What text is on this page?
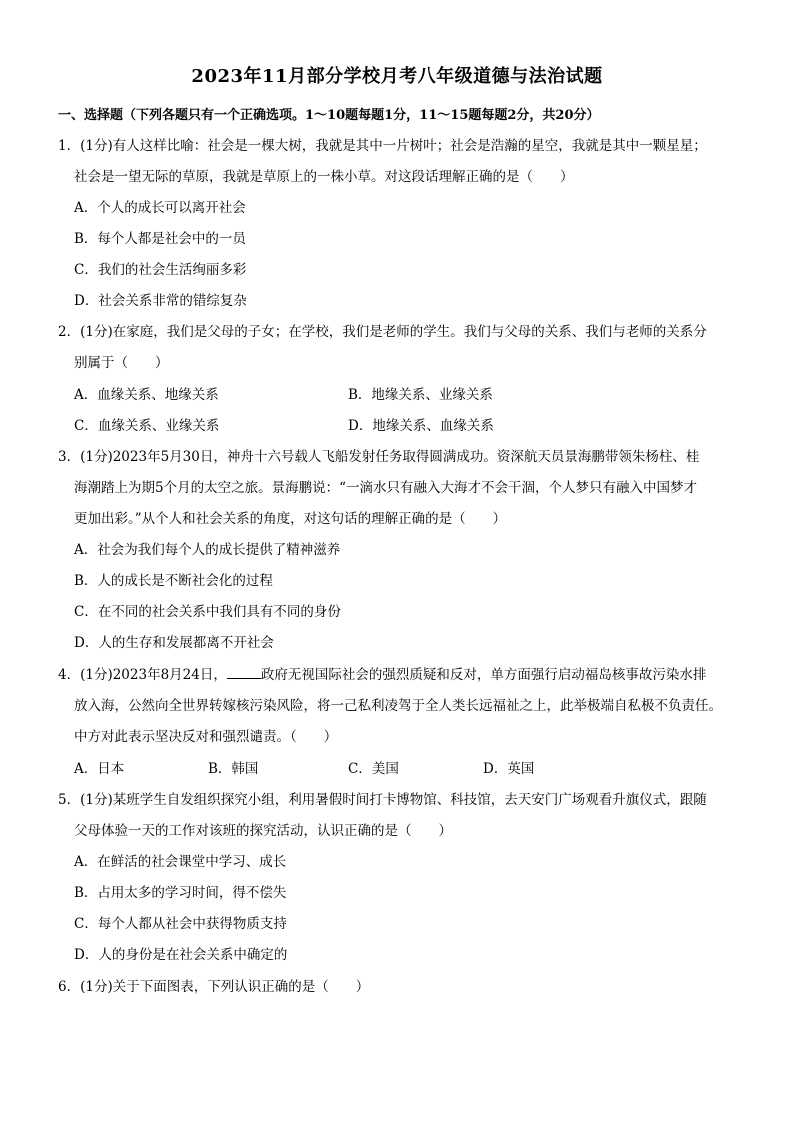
2023年11月部分学校月考八年级道德与法治试题
一、选择题（下列各题只有一个正确选项。1～10题每题1分，11～15题每题2分，共20分）
1．(1分)有人这样比喻：社会是一棵大树，我就是其中一片树叶；社会是浩瀚的星空，我就是其中一颗星星；
社会是一望无际的草原，我就是草原上的一株小草。对这段话理解正确的是（　　）
A．个人的成长可以离开社会
B．每个人都是社会中的一员
C．我们的社会生活绚丽多彩
D．社会关系非常的错综复杂
2．(1分)在家庭，我们是父母的子女；在学校，我们是老师的学生。我们与父母的关系、我们与老师的关系分
别属于（　　）
A．血缘关系、地缘关系	B．地缘关系、业缘关系
C．血缘关系、业缘关系	D．地缘关系、血缘关系
3．(1分)2023年5月30日，神舟十六号载人飞船发射任务取得圆满成功。资深航天员景海鹏带领朱杨柱、桂
海潮踏上为期5个月的太空之旅。景海鹏说：“一滴水只有融入大海才不会干涸，个人梦只有融入中国梦才
更加出彩。”从个人和社会关系的角度，对这句话的理解正确的是（　　）
A．社会为我们每个人的成长提供了精神滋养
B．人的成长是不断社会化的过程
C．在不同的社会关系中我们具有不同的身份
D．人的生存和发展都离不开社会
4．(1分)2023年8月24日，	政府无视国际社会的强烈质疑和反对，单方面强行启动福岛核事故污染水排
放入海，公然向全世界转嫁核污染风险，将一己私利凌驾于全人类长远福祉之上，此举极端自私极不负责任。
中方对此表示坚决反对和强烈谴责。（　　）
A．日本	B．韩国	C．美国	D．英国
5．(1分)某班学生自发组织探究小组，利用暑假时间打卡博物馆、科技馆，去天安门广场观看升旗仪式，跟随
父母体验一天的工作对该班的探究活动，认识正确的是（　　）
A．在鲜活的社会课堂中学习、成长
B．占用太多的学习时间，得不偿失
C．每个人都从社会中获得物质支持
D．人的身份是在社会关系中确定的
6．(1分)关于下面图表，下列认识正确的是（　　）
